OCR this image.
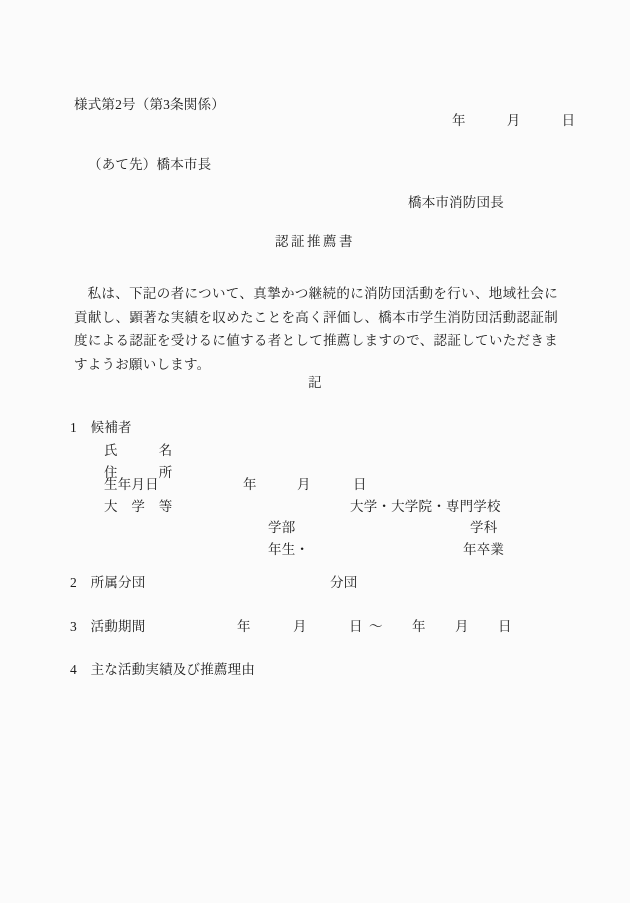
様式第2号（第3条関係）
年　　　月　　　日
（あて先）橋本市長
橋本市消防団長
認証推薦書
私は、下記の者について、真摯かつ継続的に消防団活動を行い、地域社会に貢献し、顕著な実績を収めたことを高く評価し、橋本市学生消防団活動認証制度による認証を受けるに値する者として推薦しますので、認証していただきますようお願いします。
記
1　 候補者
氏　　　名
住　　　所
生年月日	年	月	日
大　学　等	大学・大学院・専門学校
学部	学科
年生・	年卒業
2　 所属分団	分団
3　 活動期間	年	月	日 ～ 年 月 日
4　 主な活動実績及び推薦理由
